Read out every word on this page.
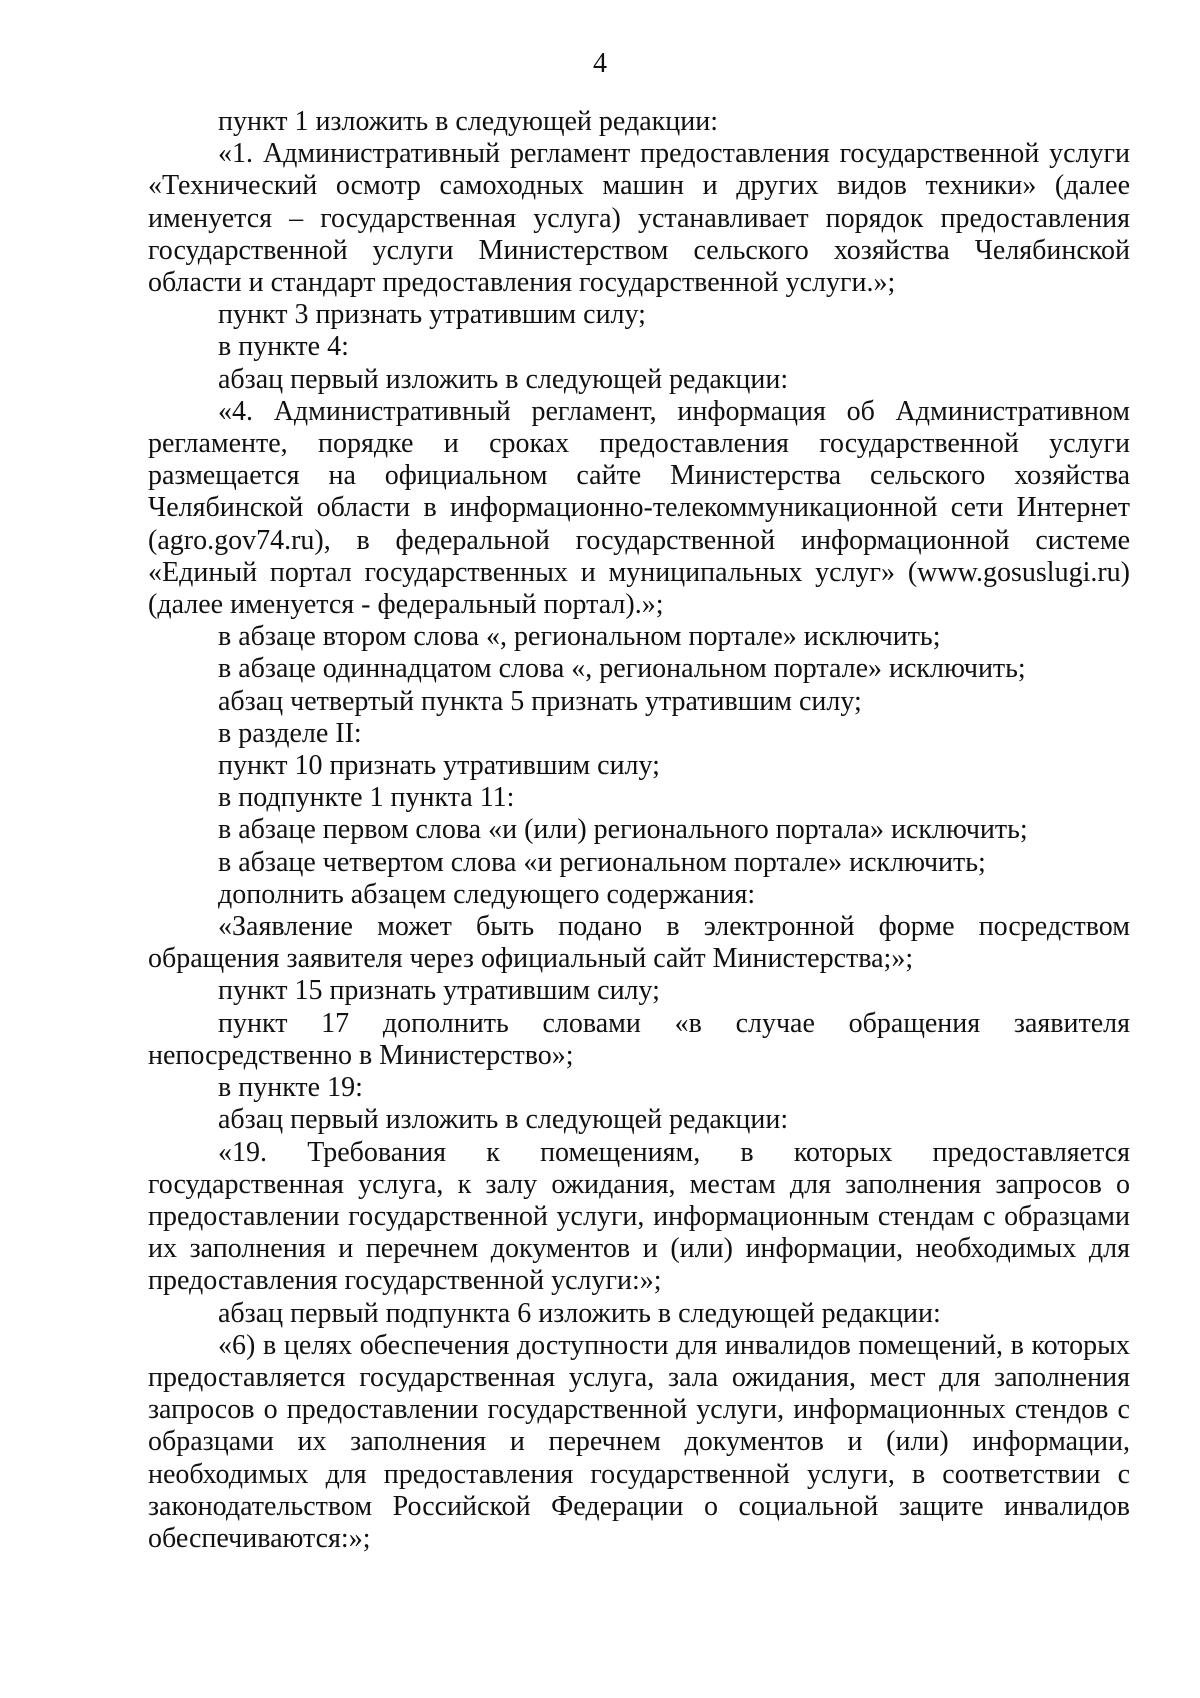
4

пункт 1 изложить в следующей редакции:

«1. Административный регламент предоставления государственной услуги «Технический осмотр самоходных машин и других видов техники» (далее именуется – государственная услуга) устанавливает порядок предоставления государственной услуги Министерством сельского хозяйства Челябинской области и стандарт предоставления государственной услуги.»;

пункт 3 признать утратившим силу;

в пункте 4:

абзац первый изложить в следующей редакции:

«4. Административный регламент, информация об Административном регламенте, порядке и сроках предоставления государственной услуги размещается на официальном сайте Министерства сельского хозяйства Челябинской области в информационно-телекоммуникационной сети Интернет (agro.gov74.ru), в федеральной государственной информационной системе «Единый портал государственных и муниципальных услуг» (www.gosuslugi.ru) (далее именуется - федеральный портал).»;

в абзаце втором слова «, региональном портале» исключить;

в абзаце одиннадцатом слова «, региональном портале» исключить;

абзац четвертый пункта 5 признать утратившим силу;

в разделе II:

пункт 10 признать утратившим силу;

в подпункте 1 пункта 11:

в абзаце первом слова «и (или) регионального портала» исключить;

в абзаце четвертом слова «и региональном портале» исключить;

дополнить абзацем следующего содержания:

«Заявление может быть подано в электронной форме посредством обращения заявителя через официальный сайт Министерства;»;

пункт 15 признать утратившим силу;

пункт 17 дополнить словами «в случае обращения заявителя непосредственно в Министерство»;

в пункте 19:

абзац первый изложить в следующей редакции:

«19. Требования к помещениям, в которых предоставляется государственная услуга, к залу ожидания, местам для заполнения запросов о предоставлении государственной услуги, информационным стендам с образцами их заполнения и перечнем документов и (или) информации, необходимых для предоставления государственной услуги:»;

абзац первый подпункта 6 изложить в следующей редакции:

«6) в целях обеспечения доступности для инвалидов помещений, в которых предоставляется государственная услуга, зала ожидания, мест для заполнения запросов о предоставлении государственной услуги, информационных стендов с образцами их заполнения и перечнем документов и (или) информации, необходимых для предоставления государственной услуги, в соответствии с законодательством Российской Федерации о социальной защите инвалидов обеспечиваются:»;
